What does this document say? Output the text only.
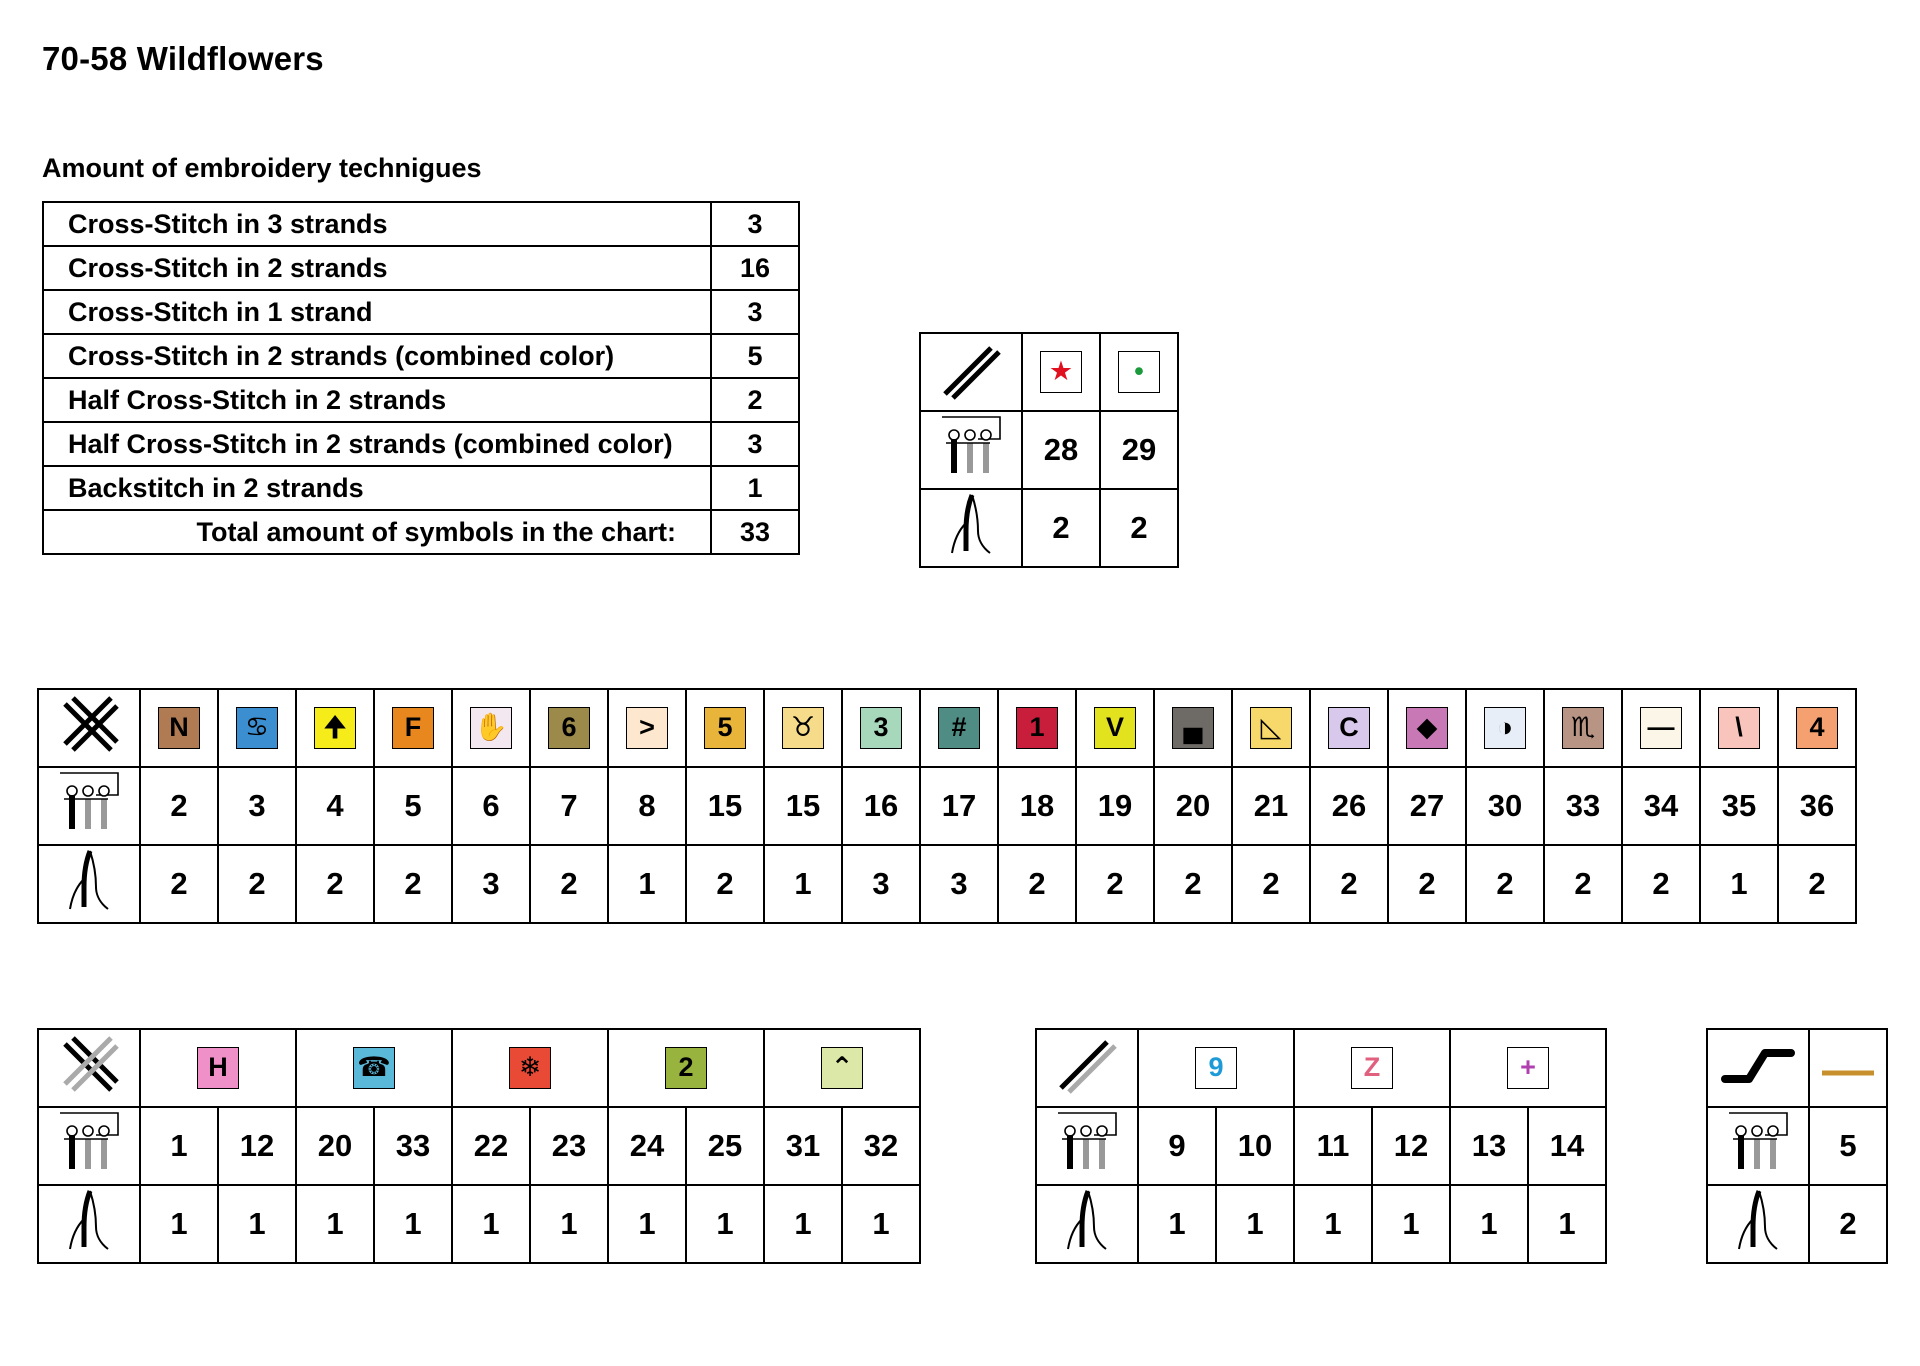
70-58 Wildflowers
Amount of embroidery technigues
Cross-Stitch in 3 strands	3
Cross-Stitch in 2 strands	16
Cross-Stitch in 1 strand	3
Cross-Stitch in 2 strands (combined color)	5
Half Cross-Stitch in 2 strands	2
Half Cross-Stitch in 2 strands (combined color)	3
Backstitch in 2 strands	1
Total amount of symbols in the chart:	33
	★	•

	28	29

	2	2
	N	♋	🠉	F	✋	6	>	5	♉	3	#	1	V	▄	◺	C	◆	◑	♏	—	\	4

	2	3	4	5	6	7	8	15	15	16	17	18	19	20	21	26	27	30	33	34	35	36

	2	2	2	2	3	2	1	2	1	3	3	2	2	2	2	2	2	2	2	2	1	2
	H		☎		❄		2		⌃	

	1	12	20	33	22	23	24	25	31	32

	1	1	1	1	1	1	1	1	1	1
	9		Z		+	

	9	10	11	12	13	14

	1	1	1	1	1	1

	5

	2
